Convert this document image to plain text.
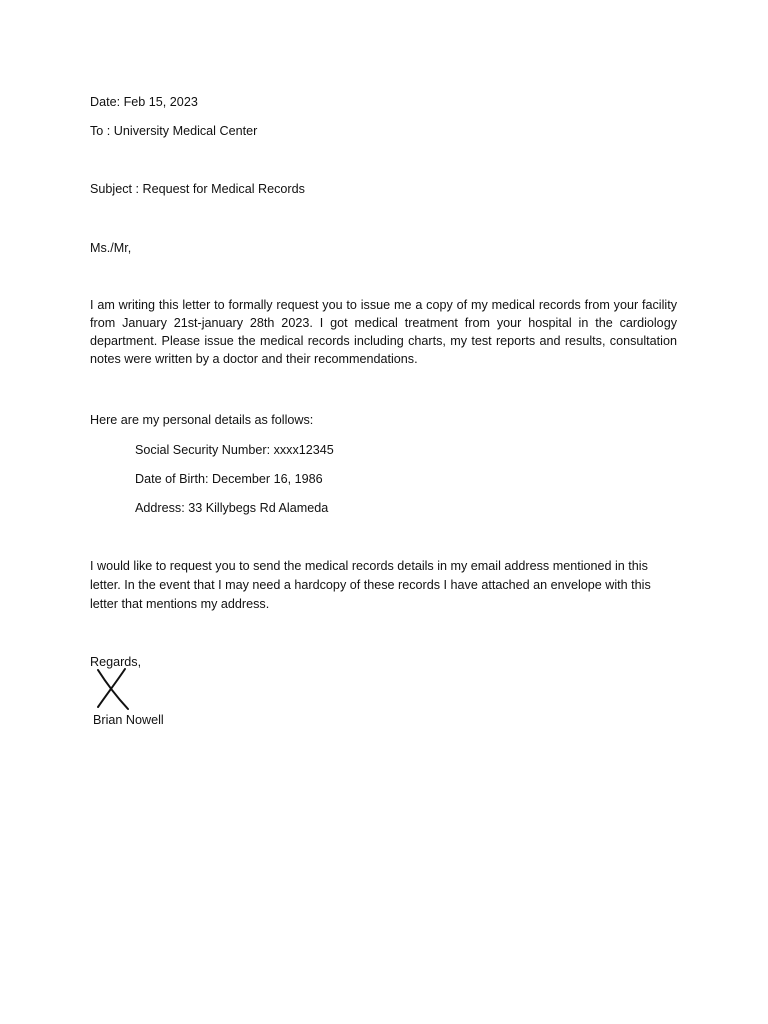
Date: Feb 15, 2023
To : University Medical Center
Subject : Request for Medical Records
Ms./Mr,

I am writing this letter to formally request you to issue me a copy of my medical records from your facility from January 21st-january 28th 2023. I got medical treatment from your hospital in the cardiology department. Please issue the medical records including charts, my test reports and results, consultation notes were written by a doctor and their recommendations.

Here are my personal details as follows:
Social Security Number: xxxx12345
Date of Birth: December 16, 1986
Address: 33 Killybegs Rd Alameda
I would like to request you to send the medical records details in my email address mentioned in this
letter. In the event that I may need a hardcopy of these records I have attached an envelope with this
letter that mentions my address.
Regards,
Brian Nowell
